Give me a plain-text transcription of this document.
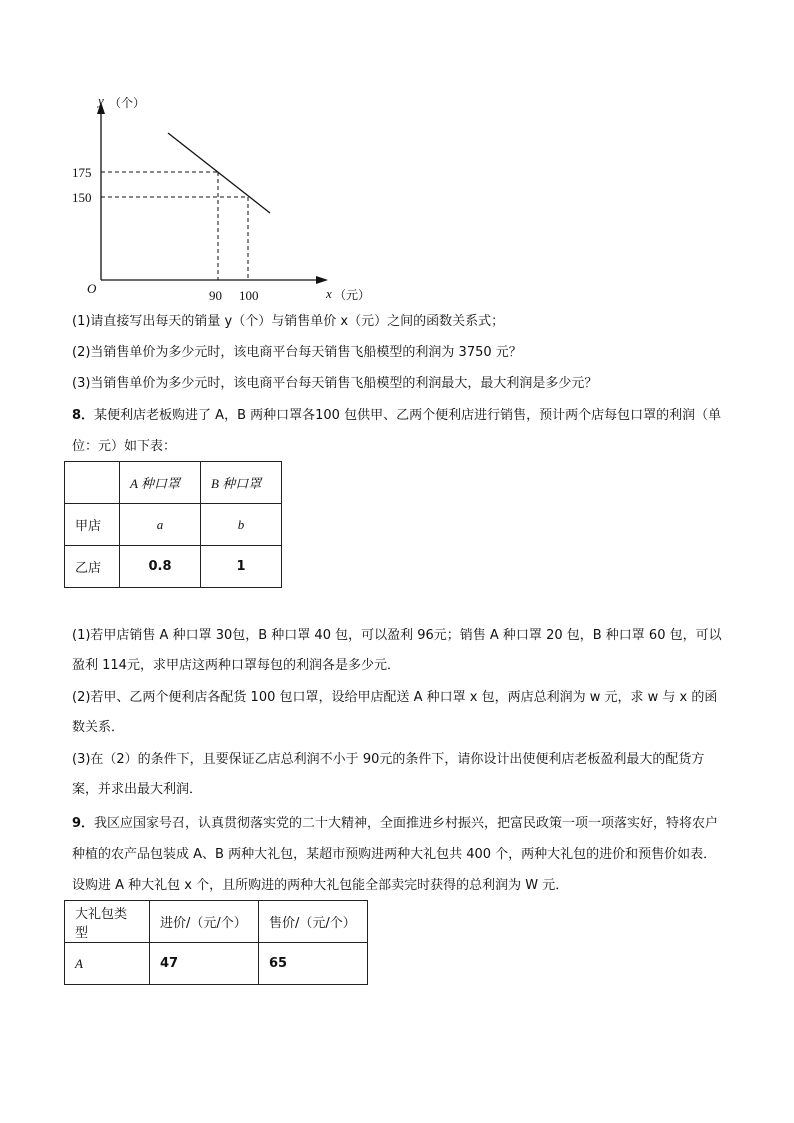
y （个）
175
150
O	90 100	x （元）
(1)请直接写出每天的销量 y（个）与销售单价 x（元）之间的函数关系式；
(2)当销售单价为多少元时，该电商平台每天销售飞船模型的利润为 3750 元？
(3)当销售单价为多少元时，该电商平台每天销售飞船模型的利润最大，最大利润是多少元？
8．某便利店老板购进了 A，B 两种口罩各100 包供甲、乙两个便利店进行销售，预计两个店每包口罩的利润（单位：元）如下表：
	A 种口罩	B 种口罩
甲店	a	b
乙店	0.8	1
(1)若甲店销售 A 种口罩 30包，B 种口罩 40 包，可以盈利 96元；销售 A 种口罩 20 包，B 种口罩 60 包，可以盈利 114元，求甲店这两种口罩每包的利润各是多少元．
(2)若甲、乙两个便利店各配货 100 包口罩，设给甲店配送 A 种口罩 x 包，两店总利润为 w 元，求 w 与 x 的函数关系．
(3)在（2）的条件下，且要保证乙店总利润不小于 90元的条件下，请你设计出使便利店老板盈利最大的配货方案，并求出最大利润．
9．我区应国家号召，认真贯彻落实党的二十大精神，全面推进乡村振兴，把富民政策一项一项落实好，特将农户种植的农产品包装成 A、B 两种大礼包，某超市预购进两种大礼包共 400 个，两种大礼包的进价和预售价如表．设购进 A 种大礼包 x 个，且所购进的两种大礼包能全部卖完时获得的总利润为 W 元．
大礼包类型	进价/（元/个）	售价/（元/个）
A	47	65
